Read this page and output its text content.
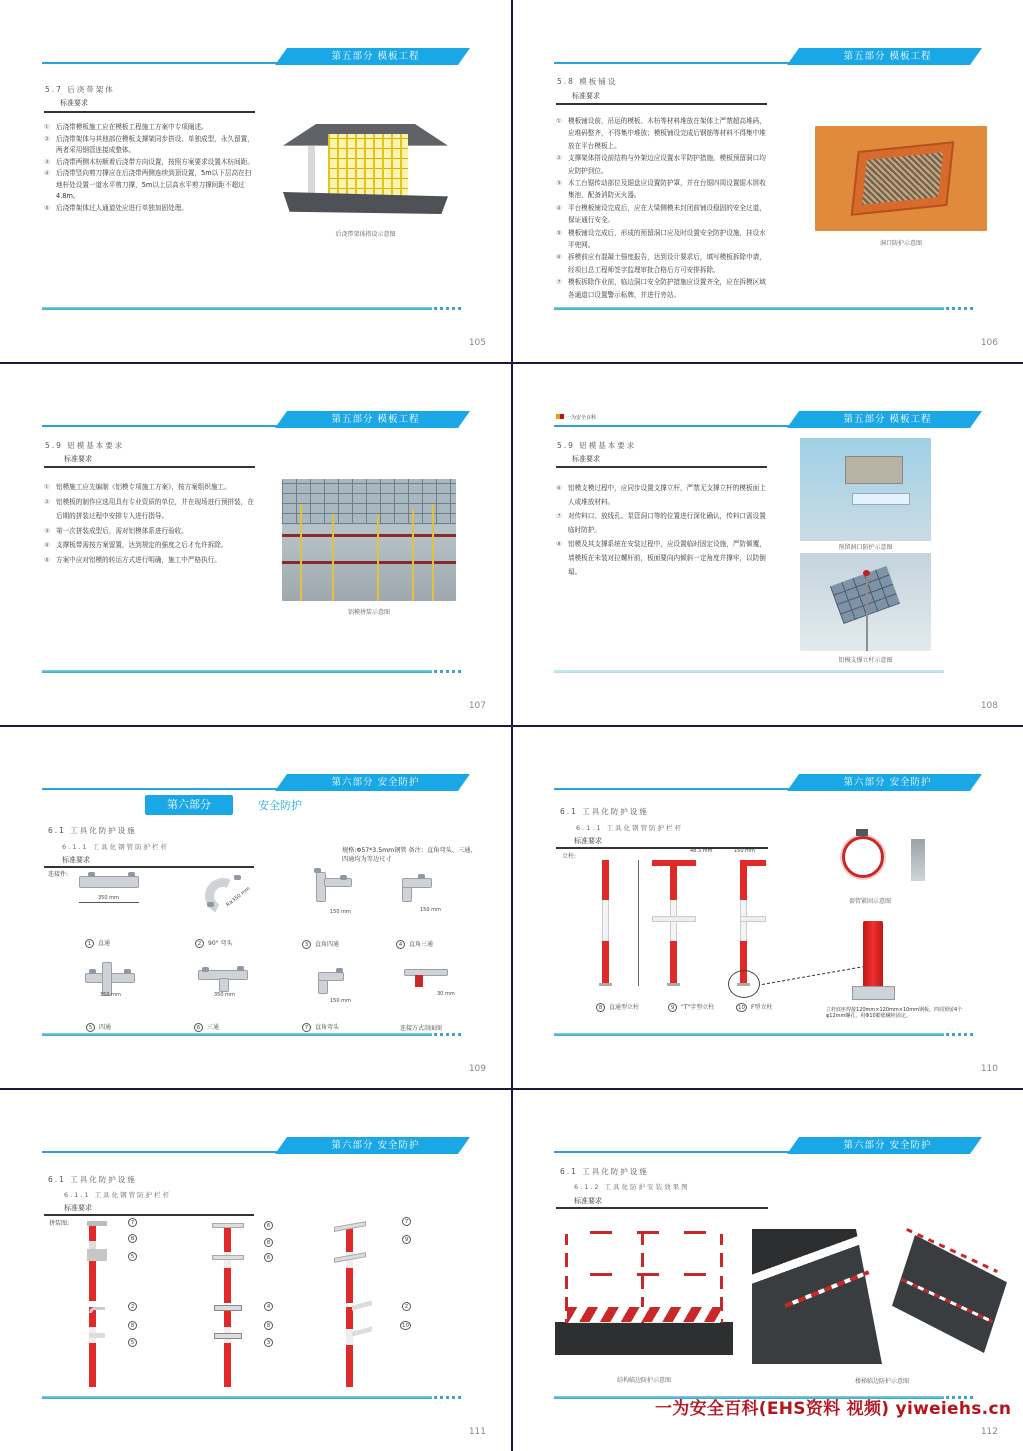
第五部分 模板工程
5.7 后浇带架体
标准要求
① 后浇带模板施工应在模板工程施工方案中专项阐述。
② 后浇带架体与其他部位模板支撑架同步搭设、单独成型，永久留置，两者采用钢管连接成整体。
③ 后浇带两侧木枋顺着后浇带方向设置，按照方案要求设置木枋间距。
④ 后浇带竖向剪刀撑应在后浇带两侧连续到顶设置，5m以下层高在扫地杆处设置一道水平剪刀撑，5m以上层高水平剪刀撑间距不超过4.8m。
⑤ 后浇带架体过人通道处应进行单独加固处理。
后浇带架体搭设示意图
105
第五部分 模板工程
5.8 模板铺设
标准要求
① 模板铺设前，吊运的模板、木枋等材料堆放在架体上严禁超高堆码，应堆码整齐，不得集中堆放；模板铺设完成后钢筋等材料不得集中堆放在平台模板上。
② 支撑架体搭设前结构与外架边应设置水平防护措施，模板预留洞口均应防护到位。
③ 木工台锯传动部位及锯盘应设置防护罩，并在台锯四周设置锯木屑收集池，配备消防灭火器。
④ 平台模板铺设完成后，应在大梁侧模未封闭前铺设稳固的安全过道，保证通行安全。
⑤ 模板铺设完成后，形成的预留洞口应及时设置安全防护设施，挂设水平兜网。
⑥ 拆模前应有混凝土强度报告，达到设计要求后，填写模板拆除申请，经项目总工程师签字监理审批合格后方可安排拆除。
⑦ 模板拆除作业前，临边洞口安全防护措施应设置齐全，应在拆模区域各通道口设置警示标牌，并进行旁站。
洞口防护示意图
106
第五部分 模板工程
5.9 铝模基本要求
标准要求
① 铝模施工应先编制《铝模专项施工方案》，按方案组织施工。
② 铝模板的制作应选用具有专业资质的单位，并在现场进行预拼装，在后期的拼装过程中安排专人进行指导。
③ 第一次拼装成型后，需对铝模体系进行验收。
④ 支撑板带需按方案留置，达到规定的强度之后才允许拆除。
⑤ 方案中应对铝模的转运方式进行明确，施工中严格执行。
铝模拼装示意图
107
一为安全百科	第五部分 模板工程
5.9 铝模基本要求
标准要求
⑥ 铝模支模过程中，应同步设置支撑立杆，严禁无支撑立杆的模板面上人或堆放材料。
⑦ 对传料口、放线孔、泵管洞口等的位置进行深化确认，传料口需设置临时防护。
⑧ 铝模及其支撑系统在安装过程中，应设置临时固定设施，严防倾覆，墙模板在未装对拉螺杆前，板面要向内倾斜一定角度并撑牢，以防倒塌。
预留洞口防护示意图
铝模支撑立杆示意图
108
第六部分 安全防护
第六部分	安全防护
6.1 工具化防护设施
6.1.1 工具化钢管防护栏杆
标准要求
规格:Φ57*3.5mm钢管 备注：直角弯头、三通、四通均为等边尺寸
连接件:
350 mm	R≥350 mm
150 mm	150 mm
1 直通	2 90° 弯头	3 直角四通	4 直角三通
350 mm	350 mm
150 mm
30 mm
5 四通	6 三通	7 直角弯头	连接方式剖面图
109
第六部分 安全防护
6.1 工具化防护设施
6.1.1 工具化钢管防护栏杆
标准要求
立柱:
48.3 mm	150 mm
8 直通型立柱	9 "T"字型立柱	10 F型立柱
套管紧固示意图
立杆底座焊接120mm×120mm×10mm钢板，四周预留4个φ12mm螺孔，用Φ10膨胀螺栓固定。
110
第六部分 安全防护
6.1 工具化防护设施
6.1.1 工具化钢管防护栏杆
标准要求
拼装图:	7
8
5
6
8
6
7
9
2
8
5
4
8
3
2
10
111
第六部分 安全防护
6.1 工具化防护设施
6.1.2 工具化防护安装效果图
标准要求
结构临边防护示意图	楼梯临边防护示意图
112
一为安全百科(EHS资料 视频) yiweiehs.cn
